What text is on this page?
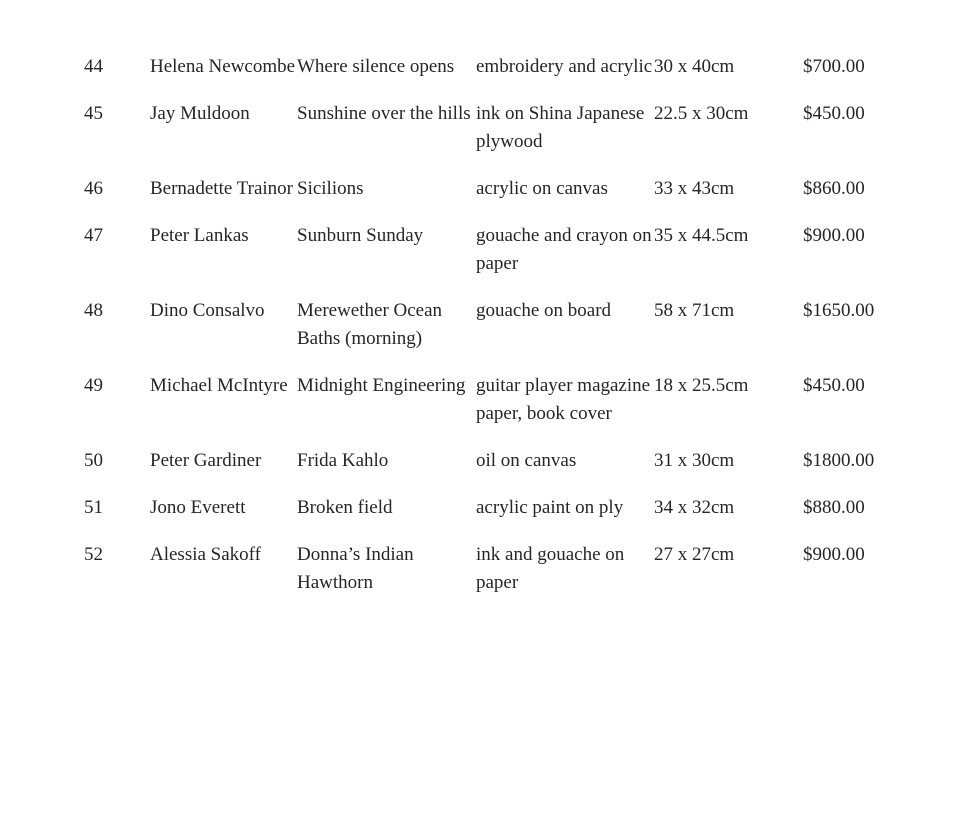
44	Helena Newcombe	Where silence opens	embroidery and acrylic	30 x 40cm	$700.00
45	Jay Muldoon	Sunshine over the hills	ink on Shina Japanese plywood	22.5 x 30cm	$450.00
46	Bernadette Trainor	Sicilions	acrylic on canvas	33 x 43cm	$860.00
47	Peter Lankas	Sunburn Sunday	gouache and crayon on paper	35 x 44.5cm	$900.00
48	Dino Consalvo	Merewether Ocean Baths (morning)	gouache on board	58 x 71cm	$1650.00
49	Michael McIntyre	Midnight Engineering	guitar player magazine paper, book cover	18 x 25.5cm	$450.00
50	Peter Gardiner	Frida Kahlo	oil on canvas	31 x 30cm	$1800.00
51	Jono Everett	Broken field	acrylic paint on ply	34 x 32cm	$880.00
52	Alessia Sakoff	Donna’s Indian Hawthorn	ink and gouache on paper	27 x 27cm	$900.00
